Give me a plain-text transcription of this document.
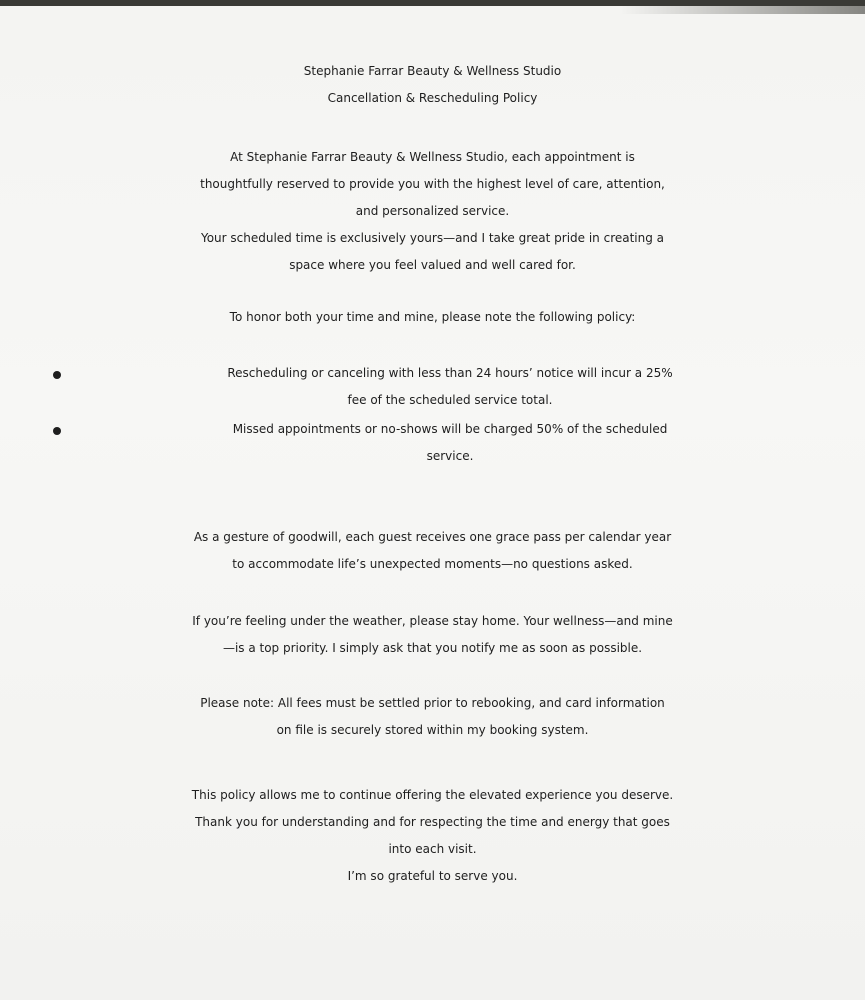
Stephanie Farrar Beauty & Wellness Studio
Cancellation & Rescheduling Policy
At Stephanie Farrar Beauty & Wellness Studio, each appointment is
thoughtfully reserved to provide you with the highest level of care, attention,
and personalized service.
Your scheduled time is exclusively yours—and I take great pride in creating a
space where you feel valued and well cared for.
To honor both your time and mine, please note the following policy:
Rescheduling or canceling with less than 24 hours’ notice will incur a 25%
fee of the scheduled service total.
Missed appointments or no-shows will be charged 50% of the scheduled
service.
As a gesture of goodwill, each guest receives one grace pass per calendar year
to accommodate life’s unexpected moments—no questions asked.
If you’re feeling under the weather, please stay home. Your wellness—and mine
—is a top priority. I simply ask that you notify me as soon as possible.
Please note: All fees must be settled prior to rebooking, and card information
on file is securely stored within my booking system.
This policy allows me to continue offering the elevated experience you deserve.
Thank you for understanding and for respecting the time and energy that goes
into each visit.
I’m so grateful to serve you.
